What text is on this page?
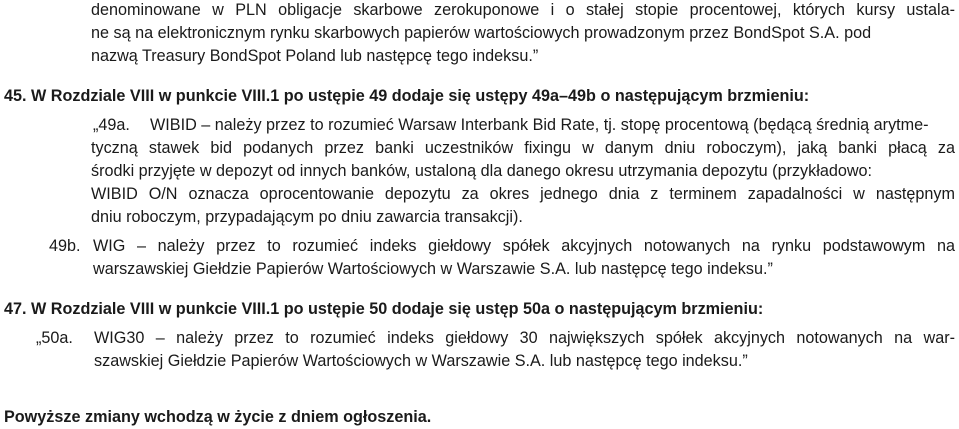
denominowane w PLN obligacje skarbowe zerokuponowe i o stałej stopie procentowej, których kursy ustala-
ne są na elektronicznym rynku skarbowych papierów wartościowych prowadzonym przez BondSpot S.A. pod
nazwą Treasury BondSpot Poland lub następcę tego indeksu.”
45. W Rozdziale VIII w punkcie VIII.1 po ustępie 49 dodaje się ustępy 49a–49b o następującym brzmieniu:
„49a. WIBID – należy przez to rozumieć Warsaw Interbank Bid Rate, tj. stopę procentową (będącą średnią arytme-
tyczną stawek bid podanych przez banki uczestników fixingu w danym dniu roboczym), jaką banki płacą za
środki przyjęte w depozyt od innych banków, ustaloną dla danego okresu utrzymania depozytu (przykładowo:
WIBID O/N oznacza oprocentowanie depozytu za okres jednego dnia z terminem zapadalności w następnym
dniu roboczym, przypadającym po dniu zawarcia transakcji).
49b. WIG – należy przez to rozumieć indeks giełdowy spółek akcyjnych notowanych na rynku podstawowym na
warszawskiej Giełdzie Papierów Wartościowych w Warszawie S.A. lub następcę tego indeksu.”
47. W Rozdziale VIII w punkcie VIII.1 po ustępie 50 dodaje się ustęp 50a o następującym brzmieniu:
„50a. WIG30 – należy przez to rozumieć indeks giełdowy 30 największych spółek akcyjnych notowanych na war-
szawskiej Giełdzie Papierów Wartościowych w Warszawie S.A. lub następcę tego indeksu.”
Powyższe zmiany wchodzą w życie z dniem ogłoszenia.
